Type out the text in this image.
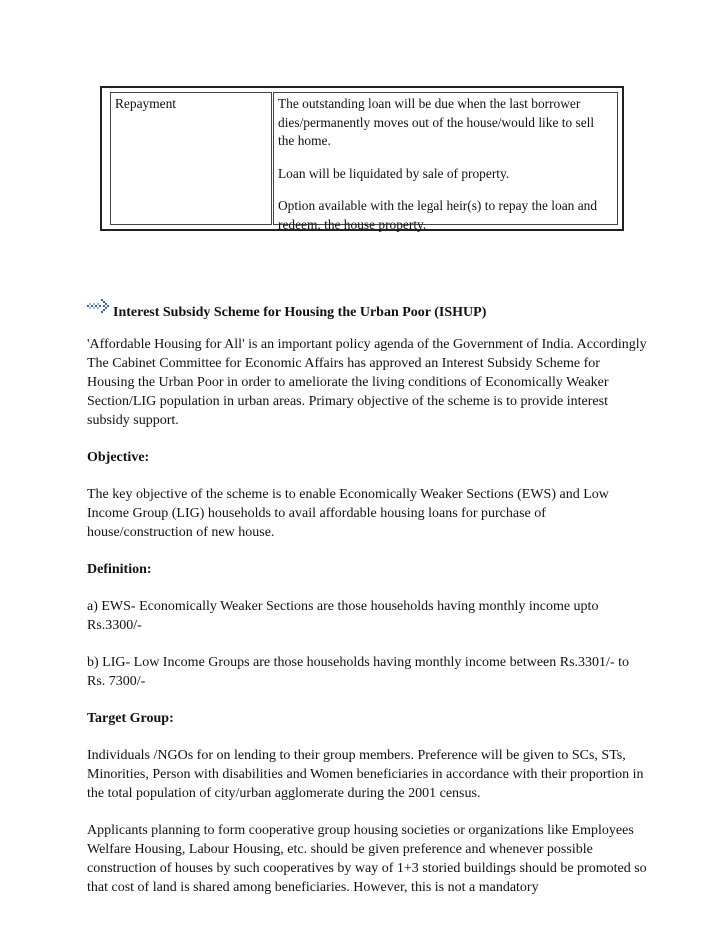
Repayment	The outstanding loan will be due when the last borrower dies/permanently moves out of the house/would like to sell the home.

Loan will be liquidated by sale of property.

Option available with the legal heir(s) to repay the loan and redeem, the house property.

Interest Subsidy Scheme for Housing the Urban Poor (ISHUP)

'Affordable Housing for All' is an important policy agenda of the Government of India. Accordingly The Cabinet Committee for Economic Affairs has approved an Interest Subsidy Scheme for Housing the Urban Poor in order to ameliorate the living conditions of Economically Weaker Section/LIG population in urban areas. Primary objective of the scheme is to provide interest subsidy support.

Objective:

The key objective of the scheme is to enable Economically Weaker Sections (EWS) and Low Income Group (LIG) households to avail affordable housing loans for purchase of house/construction of new house.

Definition:

a) EWS- Economically Weaker Sections are those households having monthly income upto Rs.3300/-

b) LIG- Low Income Groups are those households having monthly income between Rs.3301/- to Rs. 7300/-

Target Group:

Individuals /NGOs for on lending to their group members. Preference will be given to SCs, STs, Minorities, Person with disabilities and Women beneficiaries in accordance with their proportion in the total population of city/urban agglomerate during the 2001 census.

Applicants planning to form cooperative group housing societies or organizations like Employees Welfare Housing, Labour Housing, etc. should be given preference and whenever possible construction of houses by such cooperatives by way of 1+3 storied buildings should be promoted so that cost of land is shared among beneficiaries. However, this is not a mandatory
